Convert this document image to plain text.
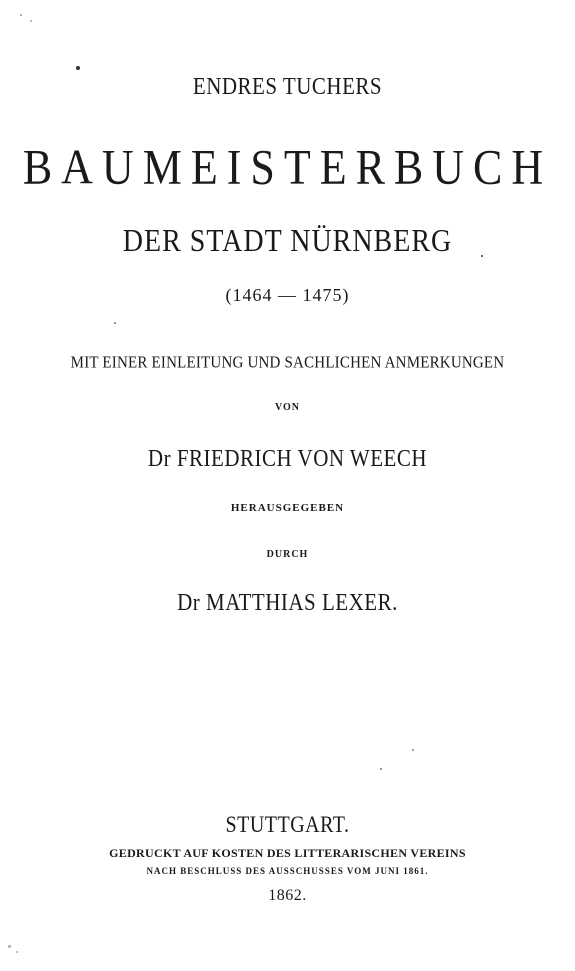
ENDRES TUCHERS
BAUMEISTERBUCH
DER STADT NÜRNBERG
(1464 — 1475)
MIT EINER EINLEITUNG UND SACHLICHEN ANMERKUNGEN
VON
Dr FRIEDRICH VON WEECH
HERAUSGEGEBEN
DURCH
Dr MATTHIAS LEXER.
STUTTGART.
GEDRUCKT AUF KOSTEN DES LITTERARISCHEN VEREINS
NACH BESCHLUSS DES AUSSCHUSSES VOM JUNI 1861.
1862.
